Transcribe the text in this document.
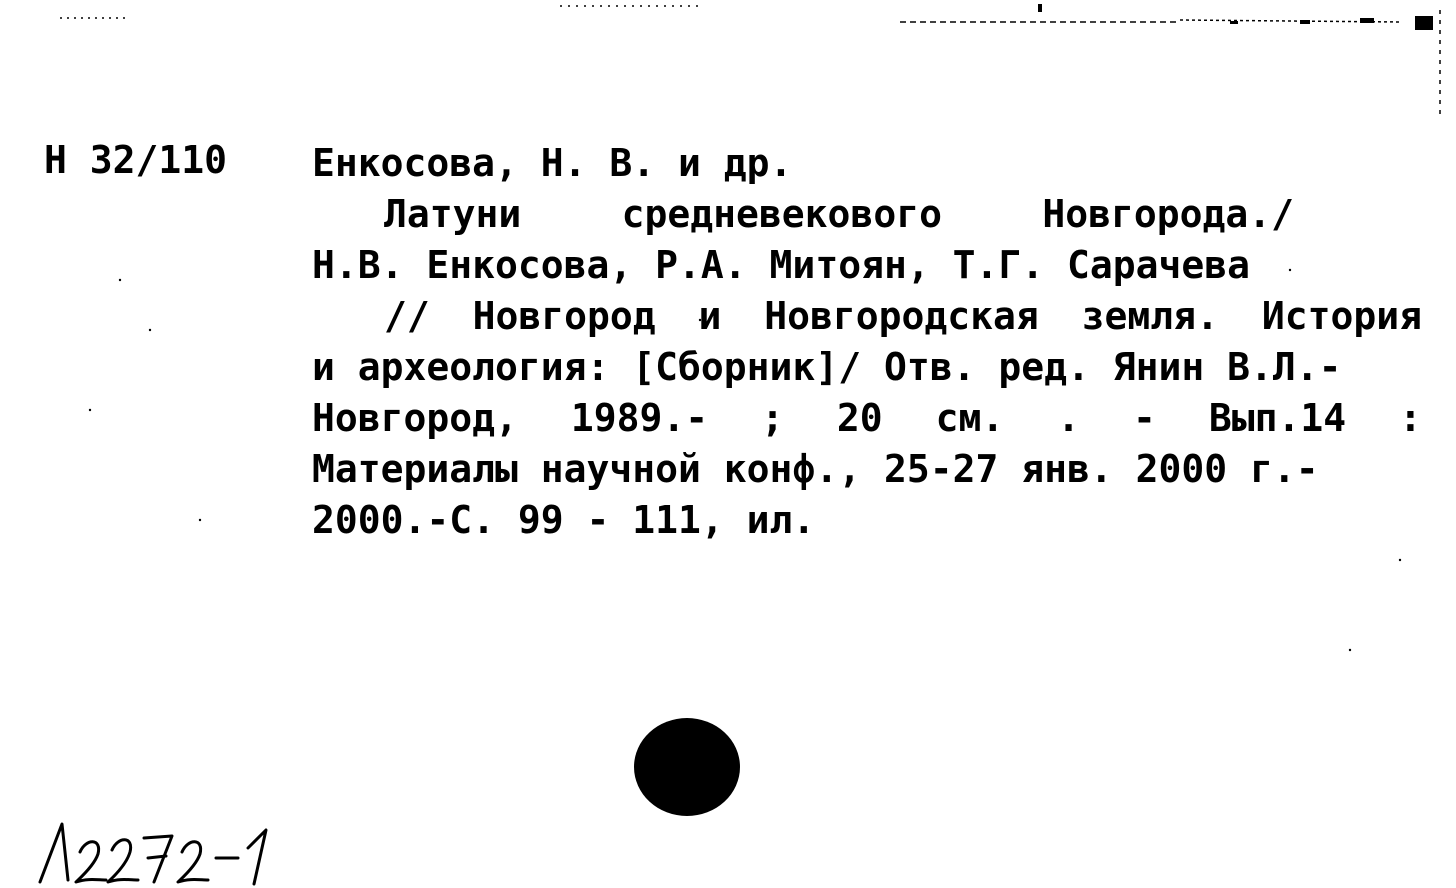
Н 32/110 Енкосова, Н. В. и др.
Латуни	средневекового	Новгорода./
Н.В. Енкосова, Р.А. Митоян, Т.Г. Сарачева
// Новгород и Новгородская земля. История
и археология: [Сборник]/ Отв. ред. Янин В.Л.-
Новгород, 1989.- ; 20 см. . - Вып.14 :
Материалы научной конф., 25-27 янв. 2000 г.-
2000.-С. 99 - 111, ил.
